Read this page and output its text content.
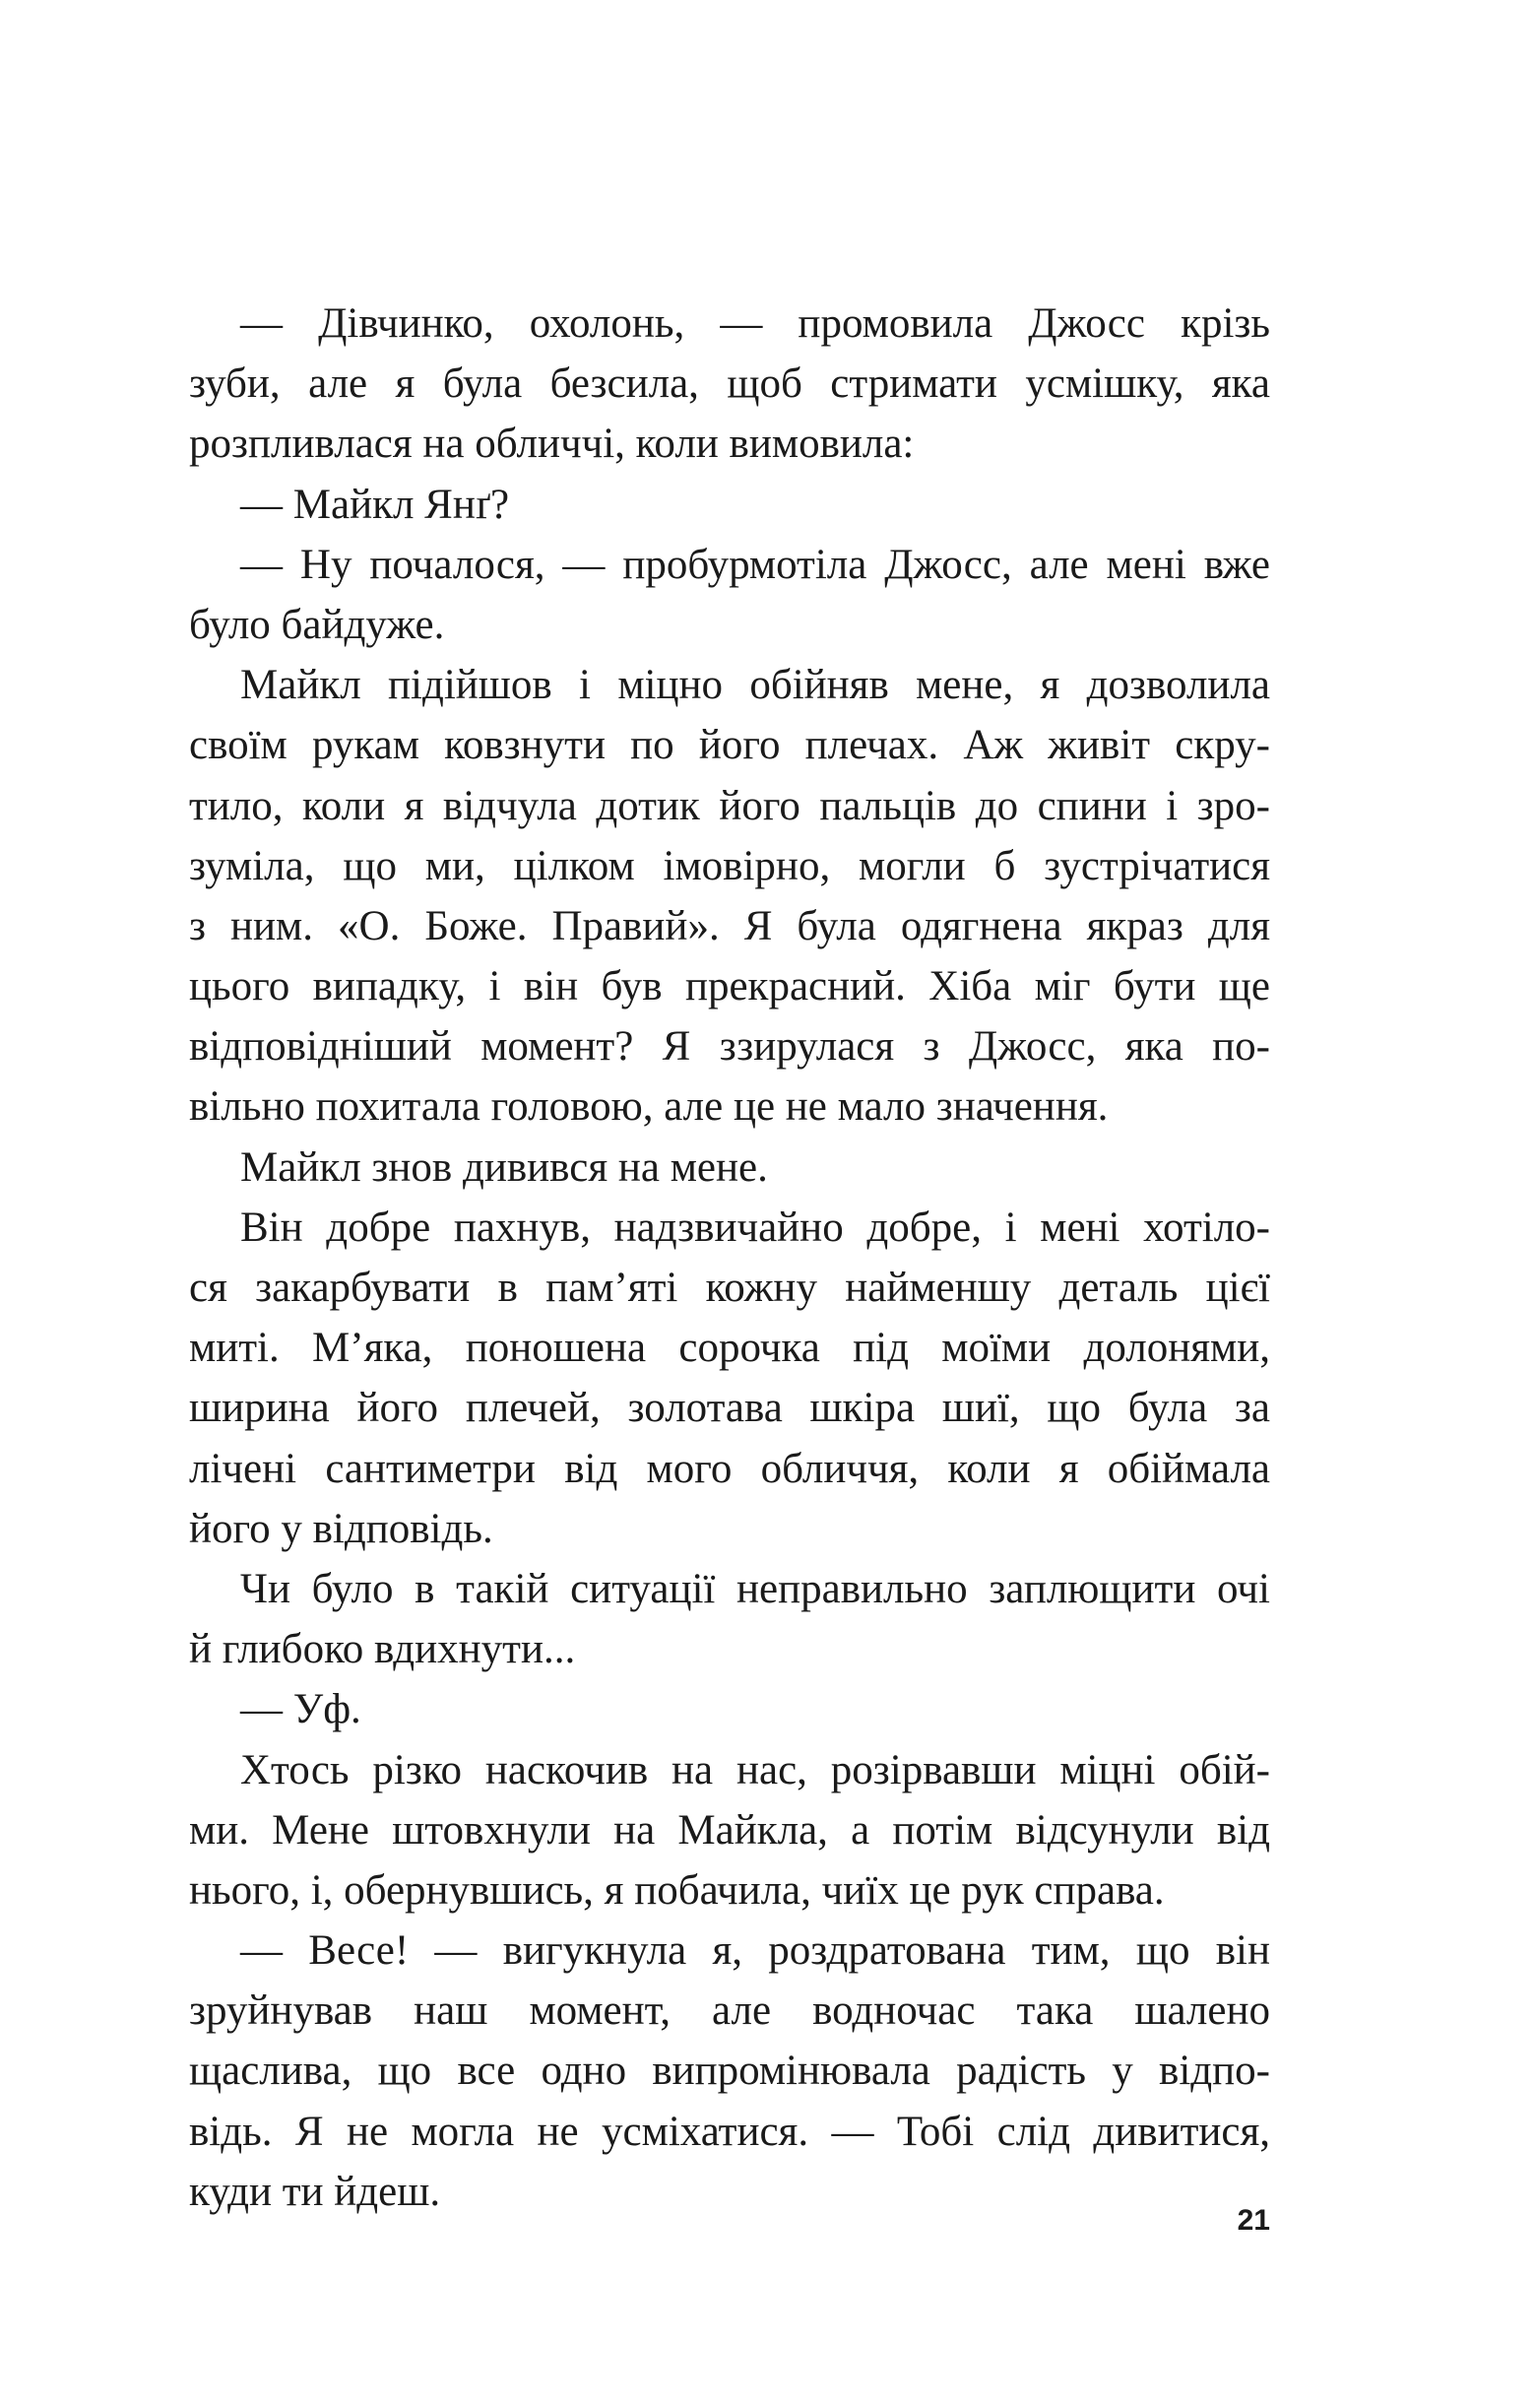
— Дівчинко, охолонь, — промовила Джосс крізь
зуби, але я була безсила, щоб стримати усмішку, яка
розпливлася на обличчі, коли вимовила:
— Майкл Янґ?
— Ну почалося, — пробурмотіла Джосс, але мені вже
було байдуже.
Майкл підійшов і міцно обійняв мене, я дозволила
своїм рукам ковзнути по його плечах. Аж живіт скру-
тило, коли я відчула дотик його пальців до спини і зро-
зуміла, що ми, цілком імовірно, могли б зустрічатися
з ним. «О. Боже. Правий». Я була одягнена якраз для
цього випадку, і він був прекрасний. Хіба міг бути ще
відповідніший момент? Я ззирулася з Джосс, яка по-
вільно похитала головою, але це не мало значення.
Майкл знов дивився на мене.
Він добре пахнув, надзвичайно добре, і мені хотіло-
ся закарбувати в пам’яті кожну найменшу деталь цієї
миті. М’яка, поношена сорочка під моїми долонями,
ширина його плечей, золотава шкіра шиї, що була за
лічені сантиметри від мого обличчя, коли я обіймала
його у відповідь.
Чи було в такій ситуації неправильно заплющити очі
й глибоко вдихнути...
— Уф.
Хтось різко наскочив на нас, розірвавши міцні обій-
ми. Мене штовхнули на Майкла, а потім відсунули від
нього, і, обернувшись, я побачила, чиїх це рук справа.
— Весе! — вигукнула я, роздратована тим, що він
зруйнував наш момент, але водночас така шалено
щаслива, що все одно випромінювала радість у відпо-
відь. Я не могла не усміхатися. — Тобі слід дивитися,
куди ти йдеш.
21
